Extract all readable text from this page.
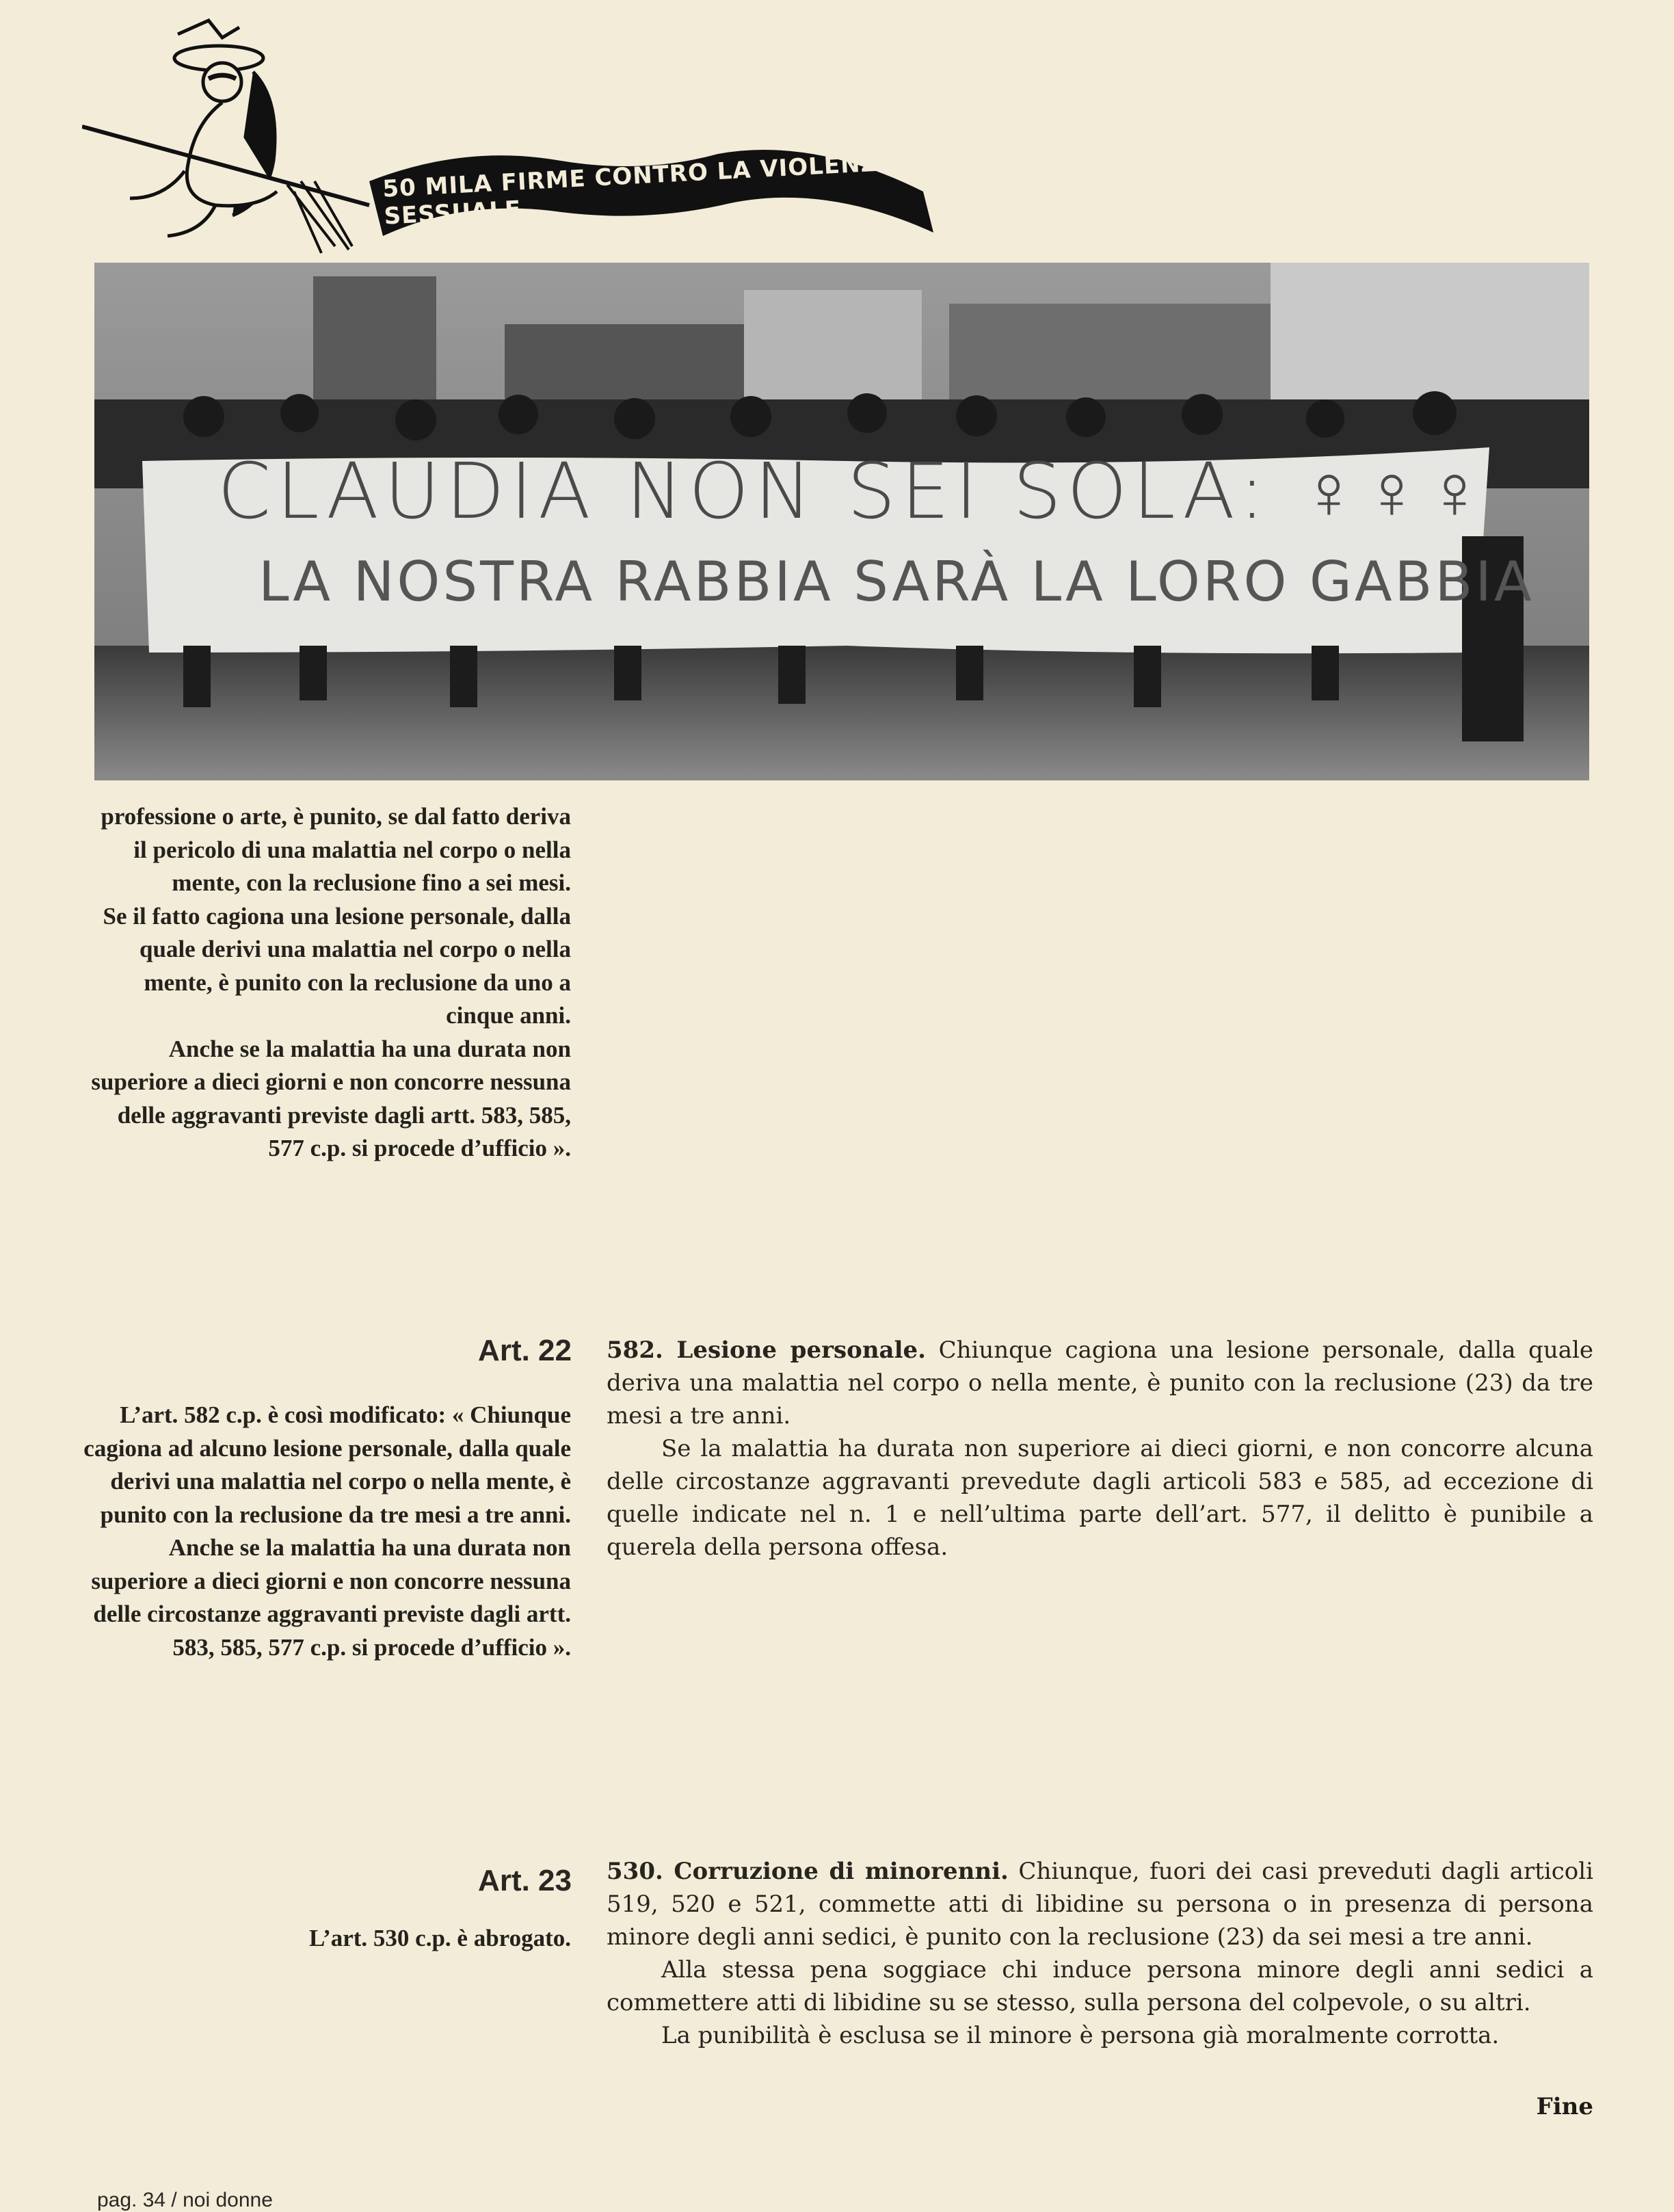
50 MILA FIRME CONTRO LA VIOLENZA SESSUALE
CLAUDIA NON SEI SOLA: ♀♀♀
LA NOSTRA RABBIA SARÀ LA LORO GABBIA

professione o arte, è punito, se dal fatto deriva il pericolo di una malattia nel corpo o nella mente, con la reclusione fino a sei mesi.

Se il fatto cagiona una lesione personale, dalla quale derivi una malattia nel corpo o nella mente, è punito con la reclusione da uno a cinque anni.

Anche se la malattia ha una durata non superiore a dieci giorni e non concorre nessuna delle aggravanti previste dagli artt. 583, 585, 577 c.p. si procede d’ufficio ».

Art. 22

L’art. 582 c.p. è così modificato: « Chiunque cagiona ad alcuno lesione personale, dalla quale derivi una malattia nel corpo o nella mente, è punito con la reclusione da tre mesi a tre anni.

Anche se la malattia ha una durata non superiore a dieci giorni e non concorre nessuna delle circostanze aggravanti previste dagli artt. 583, 585, 577 c.p. si procede d’ufficio ».

582. Lesione personale. Chiunque cagiona una lesione personale, dalla quale deriva una malattia nel corpo o nella mente, è punito con la reclusione (23) da tre mesi a tre anni.

Se la malattia ha durata non superiore ai dieci giorni, e non concorre alcuna delle circostanze aggravanti prevedute dagli articoli 583 e 585, ad eccezione di quelle indicate nel n. 1 e nell’ultima parte dell’art. 577, il delitto è punibile a querela della persona offesa.

Art. 23
L’art. 530 c.p. è abrogato.

530. Corruzione di minorenni. Chiunque, fuori dei casi preveduti dagli articoli 519, 520 e 521, commette atti di libidine su persona o in presenza di persona minore degli anni sedici, è punito con la reclusione (23) da sei mesi a tre anni.

Alla stessa pena soggiace chi induce persona minore degli anni sedici a commettere atti di libidine su se stesso, sulla persona del colpevole, o su altri.

La punibilità è esclusa se il minore è persona già moralmente corrotta.

Fine
pag. 34 / noi donne
